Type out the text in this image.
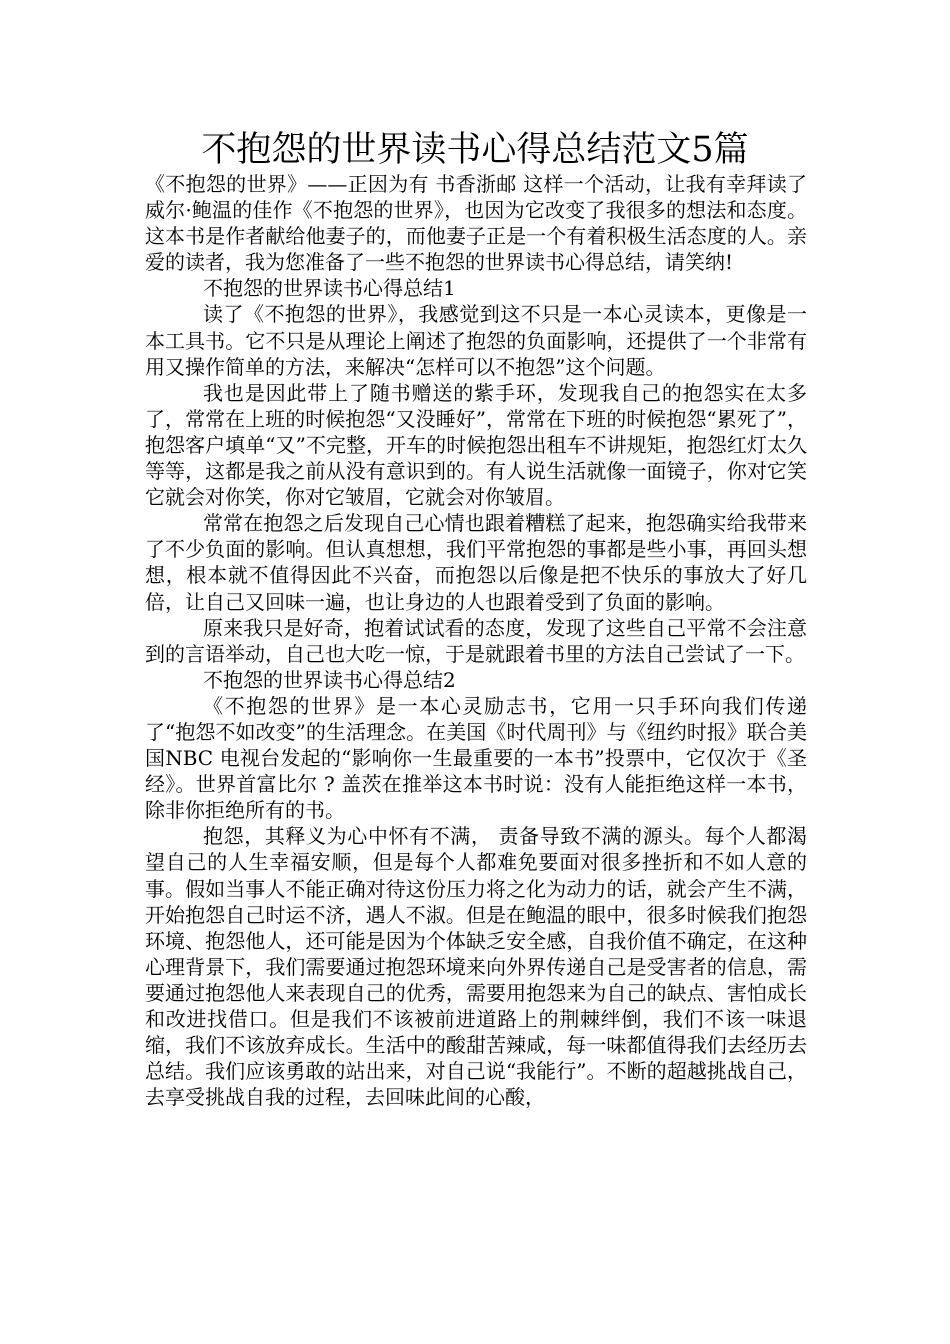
不抱怨的世界读书心得总结范文5篇

《不抱怨的世界》——正因为有 书香浙邮 这样一个活动，让我有幸拜读了威尔·鲍温的佳作《不抱怨的世界》，也因为它改变了我很多的想法和态度。这本书是作者献给他妻子的，而他妻子正是一个有着积极生活态度的人。亲爱的读者，我为您准备了一些不抱怨的世界读书心得总结，请笑纳!

不抱怨的世界读书心得总结1

读了《不抱怨的世界》，我感觉到这不只是一本心灵读本，更像是一本工具书。它不只是从理论上阐述了抱怨的负面影响，还提供了一个非常有用又操作简单的方法，来解决“怎样可以不抱怨”这个问题。

我也是因此带上了随书赠送的紫手环，发现我自己的抱怨实在太多了，常常在上班的时候抱怨“又没睡好”，常常在下班的时候抱怨“累死了”，抱怨客户填单“又”不完整，开车的时候抱怨出租车不讲规矩，抱怨红灯太久等等，这都是我之前从没有意识到的。有人说生活就像一面镜子，你对它笑它就会对你笑，你对它皱眉，它就会对你皱眉。

常常在抱怨之后发现自己心情也跟着糟糕了起来，抱怨确实给我带来了不少负面的影响。但认真想想，我们平常抱怨的事都是些小事，再回头想想，根本就不值得因此不兴奋，而抱怨以后像是把不快乐的事放大了好几倍，让自己又回味一遍，也让身边的人也跟着受到了负面的影响。

原来我只是好奇，抱着试试看的态度，发现了这些自己平常不会注意到的言语举动，自己也大吃一惊，于是就跟着书里的方法自己尝试了一下。

不抱怨的世界读书心得总结2

《不抱怨的世界》是一本心灵励志书，它用一只手环向我们传递了“抱怨不如改变”的生活理念。在美国《时代周刊》与《纽约时报》联合美国NBC 电视台发起的“影响你一生最重要的一本书”投票中，它仅次于《圣经》。世界首富比尔 ? 盖茨在推举这本书时说：没有人能拒绝这样一本书，除非你拒绝所有的书。

抱怨，其释义为心中怀有不满， 责备导致不满的源头。每个人都渴望自己的人生幸福安顺，但是每个人都难免要面对很多挫折和不如人意的事。假如当事人不能正确对待这份压力将之化为动力的话，就会产生不满，开始抱怨自己时运不济，遇人不淑。但是在鲍温的眼中，很多时候我们抱怨环境、抱怨他人，还可能是因为个体缺乏安全感，自我价值不确定，在这种心理背景下，我们需要通过抱怨环境来向外界传递自己是受害者的信息，需要通过抱怨他人来表现自己的优秀，需要用抱怨来为自己的缺点、害怕成长和改进找借口。但是我们不该被前进道路上的荆棘绊倒，我们不该一味退缩，我们不该放弃成长。生活中的酸甜苦辣咸，每一味都值得我们去经历去总结。我们应该勇敢的站出来，对自己说“我能行”。不断的超越挑战自己，去享受挑战自我的过程，去回味此间的心酸，
